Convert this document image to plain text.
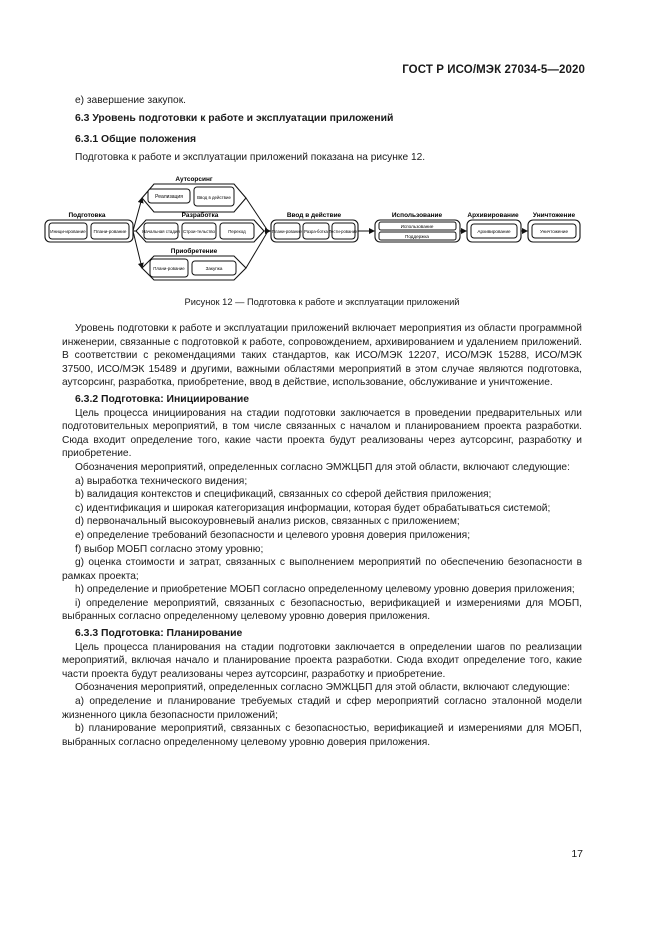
ГОСТ Р ИСО/МЭК 27034-5—2020
Аутсорсинг
Реализация	Ввод в действие
Подготовка
Иници-ирование Плани-рование
Разработка
Начальная стадия Строи-тельство	Переход
Приобретение
Плани-рование	Закупка
Ввод в действие
Плани-рование Разра-ботка Тести-рование
Использование
Использование
Поддержка
Архивирование
Архивирование
Уничтожение
Уничтожение

e) завершение закупок.

6.3 Уровень подготовки к работе и эксплуатации приложений
6.3.1 Общие положения

Подготовка к работе и эксплуатации приложений показана на рисунке 12.

Рисунок 12 — Подготовка к работе и эксплуатации приложений

Уровень подготовки к работе и эксплуатации приложений включает мероприятия из области программной инженерии, связанные с подготовкой к работе, сопровождением, архивированием и удалением приложений. В соответствии с рекомендациями таких стандартов, как ИСО/МЭК 12207, ИСО/МЭК 15288, ИСО/МЭК 37500, ИСО/МЭК 15489 и другими, важными областями мероприятий в этом случае являются подготовка, аутсорсинг, разработка, приобретение, ввод в действие, использование, обслуживание и уничтожение.

6.3.2 Подготовка: Инициирование

Цель процесса инициирования на стадии подготовки заключается в проведении предварительных или подготовительных мероприятий, в том числе связанных с началом и планированием проекта разработки. Сюда входит определение того, какие части проекта будут реализованы через аутсорсинг, разработку и приобретение.

Обозначения мероприятий, определенных согласно ЭМЖЦБП для этой области, включают следующие:

a) выработка технического видения;

b) валидация контекстов и спецификаций, связанных со сферой действия приложения;

c) идентификация и широкая категоризация информации, которая будет обрабатываться системой;

d) первоначальный высокоуровневый анализ рисков, связанных с приложением;

e) определение требований безопасности и целевого уровня доверия приложения;

f) выбор МОБП согласно этому уровню;

g) оценка стоимости и затрат, связанных с выполнением мероприятий по обеспечению безопасности в рамках проекта;

h) определение и приобретение МОБП согласно определенному целевому уровню доверия приложения;

i) определение мероприятий, связанных с безопасностью, верификацией и измерениями для МОБП, выбранных согласно определенному целевому уровню доверия приложения.

6.3.3 Подготовка: Планирование

Цель процесса планирования на стадии подготовки заключается в определении шагов по реализации мероприятий, включая начало и планирование проекта разработки. Сюда входит определение того, какие части проекта будут реализованы через аутсорсинг, разработку и приобретение.

Обозначения мероприятий, определенных согласно ЭМЖЦБП для этой области, включают следующие:

a) определение и планирование требуемых стадий и сфер мероприятий согласно эталонной модели жизненного цикла безопасности приложений;

b) планирование мероприятий, связанных с безопасностью, верификацией и измерениями для МОБП, выбранных согласно определенному целевому уровню доверия приложения.

17
